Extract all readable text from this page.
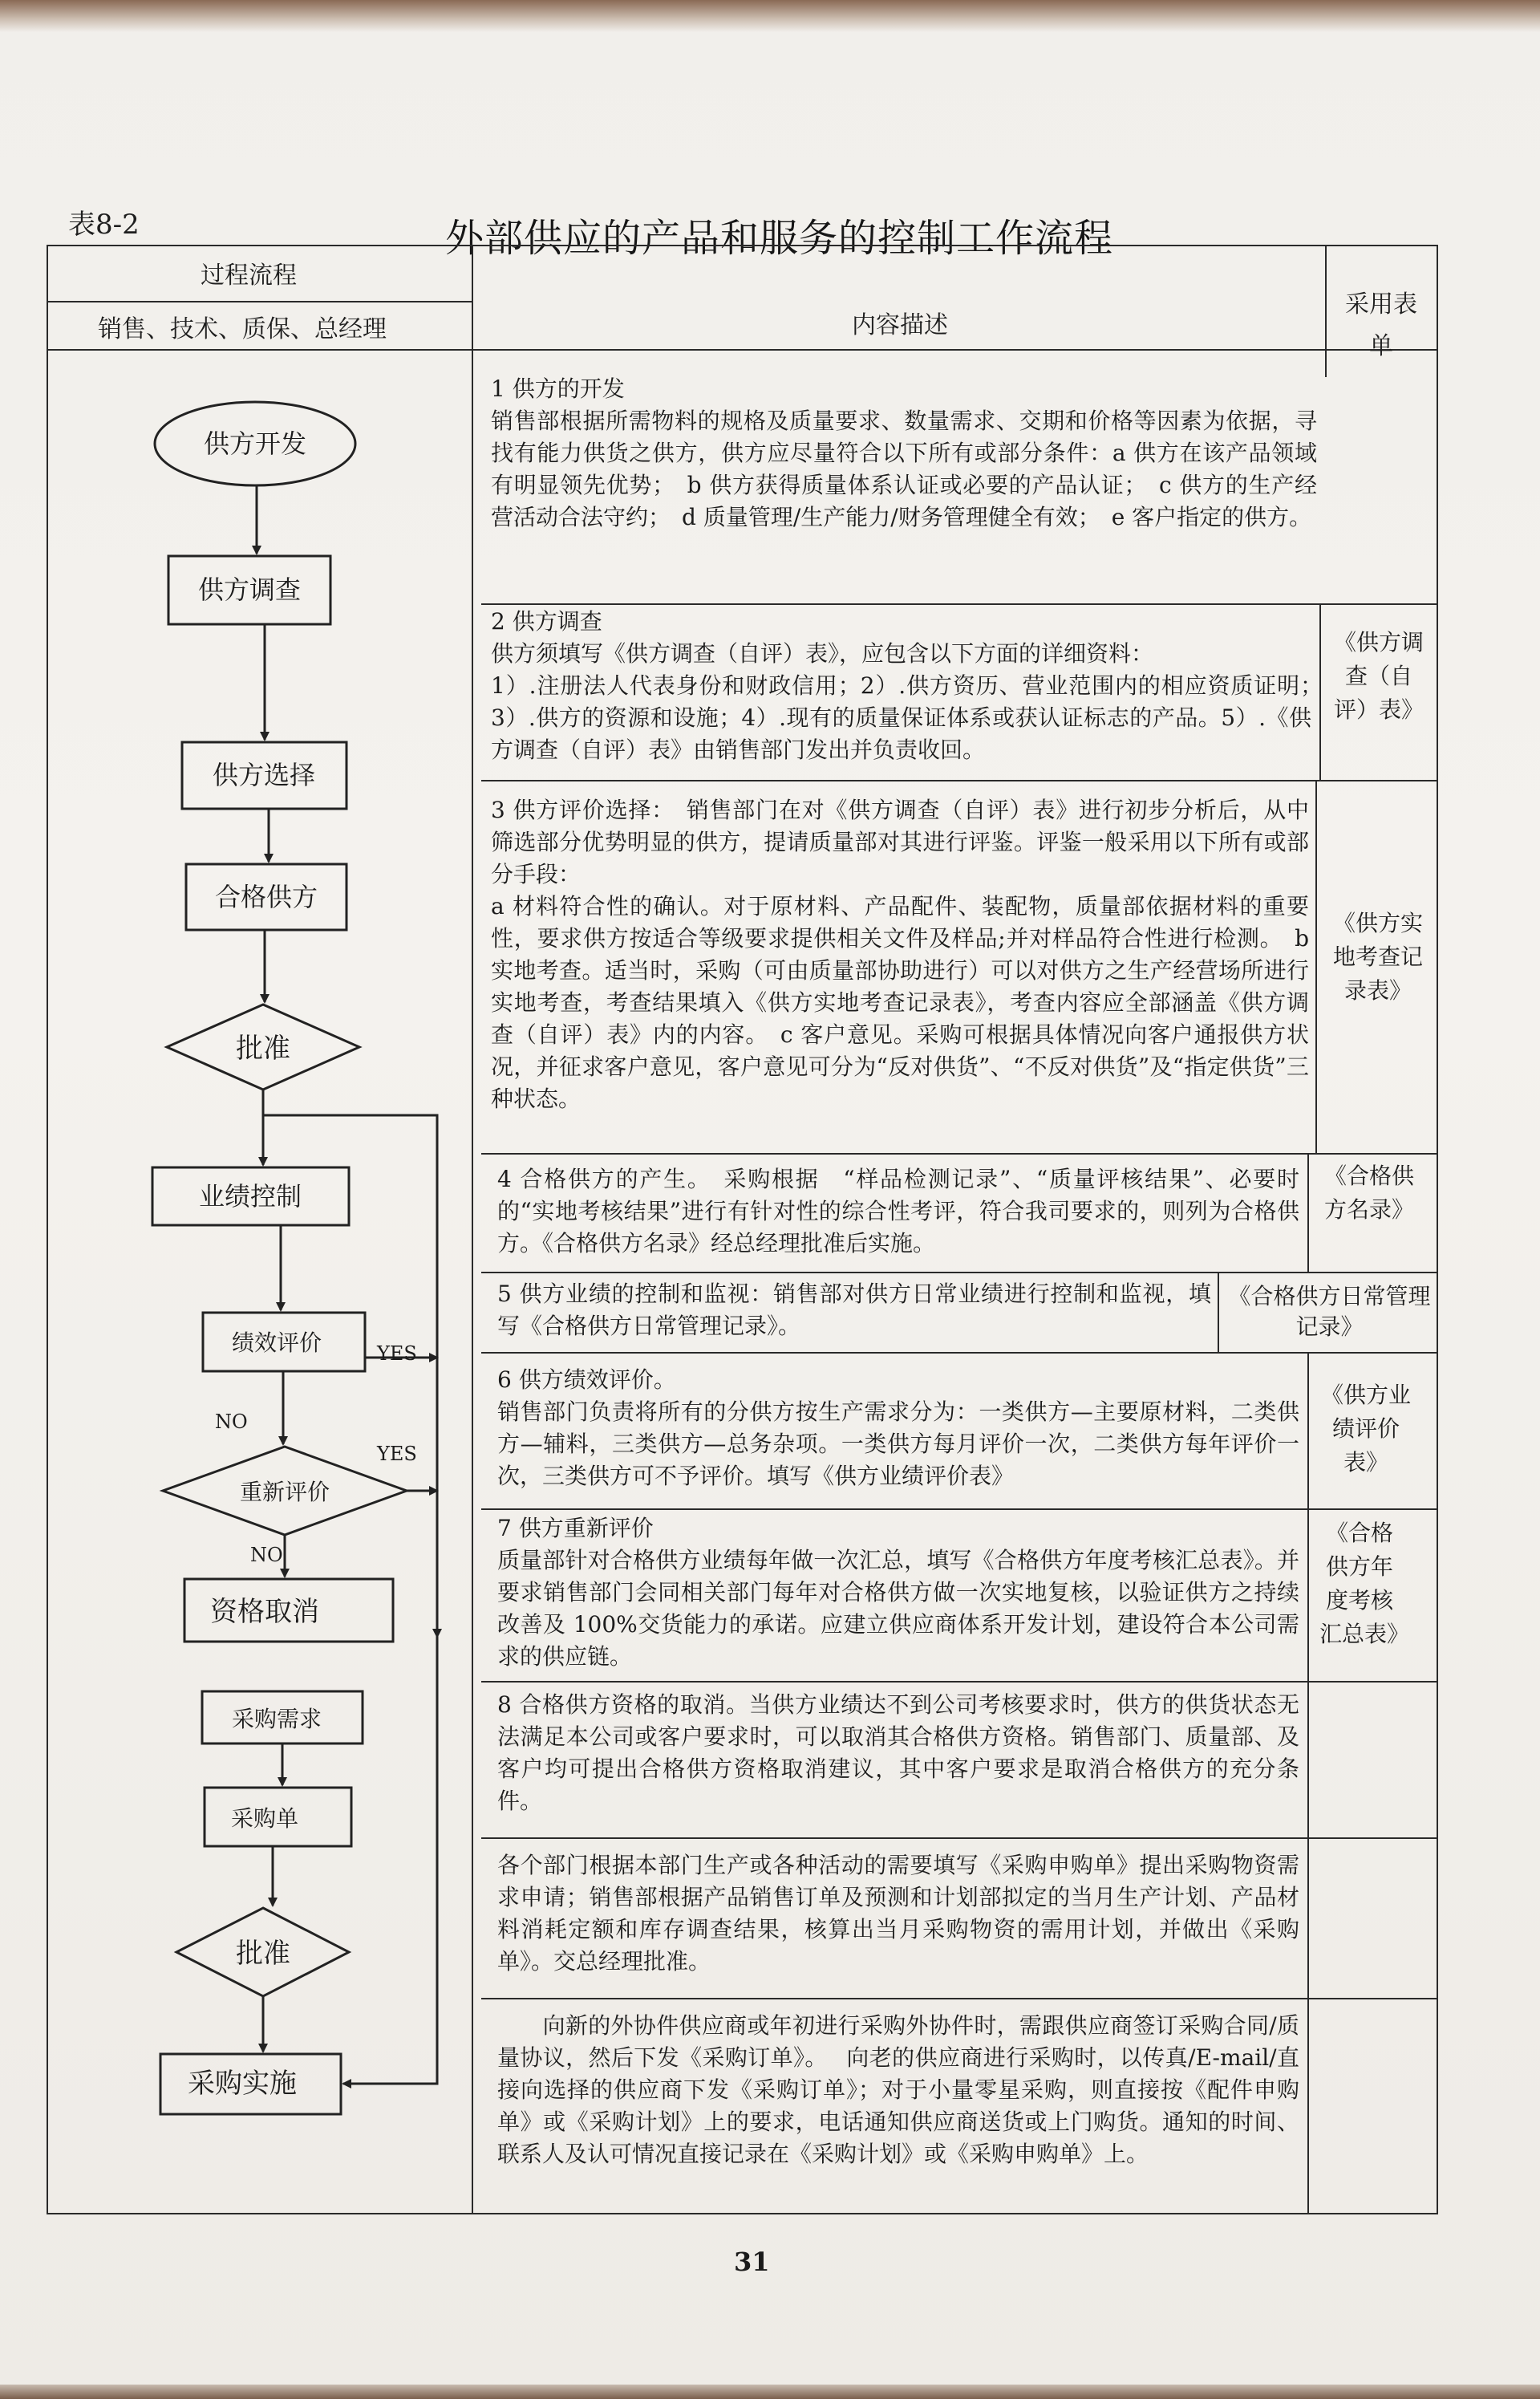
表8-2	外部供应的产品和服务的控制工作流程
过程流程
销售、技术、质保、总经理	内容描述
采用表单
1 供方的开发
销售部根据所需物料的规格及质量要求、数量需求、交期和价格等因素为依据，寻找有能力供货之供方，供方应尽量符合以下所有或部分条件：a 供方在该产品领域有明显领先优势；　b 供方获得质量体系认证或必要的产品认证；　c 供方的生产经营活动合法守约；　d 质量管理/生产能力/财务管理健全有效；　e 客户指定的供方。
2 供方调查
供方须填写《供方调查（自评）表》，应包含以下方面的详细资料：
1）.注册法人代表身份和财政信用；2）.供方资历、营业范围内的相应资质证明；　3）.供方的资源和设施；4）.现有的质量保证体系或获认证标志的产品。5）.《供方调查（自评）表》由销售部门发出并负责收回。
《供方调查（自评）表》
3 供方评价选择：　销售部门在对《供方调查（自评）表》进行初步分析后，从中筛选部分优势明显的供方，提请质量部对其进行评鉴。评鉴一般采用以下所有或部分手段：
a 材料符合性的确认。对于原材料、产品配件、装配物，质量部依据材料的重要性，要求供方按适合等级要求提供相关文件及样品;并对样品符合性进行检测。　b 实地考查。适当时，采购（可由质量部协助进行）可以对供方之生产经营场所进行实地考查，考查结果填入《供方实地考查记录表》，考查内容应全部涵盖《供方调查（自评）表》内的内容。　c 客户意见。采购可根据具体情况向客户通报供方状况，并征求客户意见，客户意见可分为“反对供货”、“不反对供货”及“指定供货”三种状态。
《供方实地考查记录表》
4 合格供方的产生。　采购根据　“样品检测记录”、“质量评核结果”、必要时的“实地考核结果”进行有针对性的综合性考评，符合我司要求的，则列为合格供方。《合格供方名录》经总经理批准后实施。
《合格供方名录》
5 供方业绩的控制和监视：销售部对供方日常业绩进行控制和监视，填写《合格供方日常管理记录》。
《合格供方日常管理记录》
6 供方绩效评价。
销售部门负责将所有的分供方按生产需求分为：一类供方—主要原材料，二类供方—辅料，三类供方—总务杂项。一类供方每月评价一次，二类供方每年评价一次，三类供方可不予评价。填写《供方业绩评价表》
《供方业绩评价表》
7 供方重新评价
质量部针对合格供方业绩每年做一次汇总，填写《合格供方年度考核汇总表》。并要求销售部门会同相关部门每年对合格供方做一次实地复核，以验证供方之持续改善及 100%交货能力的承诺。应建立供应商体系开发计划，建设符合本公司需求的供应链。
《合格供方年度考核汇总表》
8 合格供方资格的取消。当供方业绩达不到公司考核要求时，供方的供货状态无法满足本公司或客户要求时，可以取消其合格供方资格。销售部门、质量部、及客户均可提出合格供方资格取消建议，其中客户要求是取消合格供方的充分条件。
各个部门根据本部门生产或各种活动的需要填写《采购申购单》提出采购物资需求申请；销售部根据产品销售订单及预测和计划部拟定的当月生产计划、产品材料消耗定额和库存调查结果，核算出当月采购物资的需用计划，并做出《采购单》。交总经理批准。
　　向新的外协件供应商或年初进行采购外协件时，需跟供应商签订采购合同/质量协议，然后下发《采购订单》。　 向老的供应商进行采购时，以传真/E-mail/直接向选择的供应商下发《采购订单》；对于小量零星采购，则直接按《配件申购单》或《采购计划》上的要求，电话通知供应商送货或上门购货。通知的时间、联系人及认可情况直接记录在《采购计划》或《采购申购单》上。
供方开发
供方调查
供方选择
合格供方
批准
业绩控制
绩效评价
重新评价
资格取消
采购需求
采购单
批准
采购实施
YES
NO
YES
NO
31
